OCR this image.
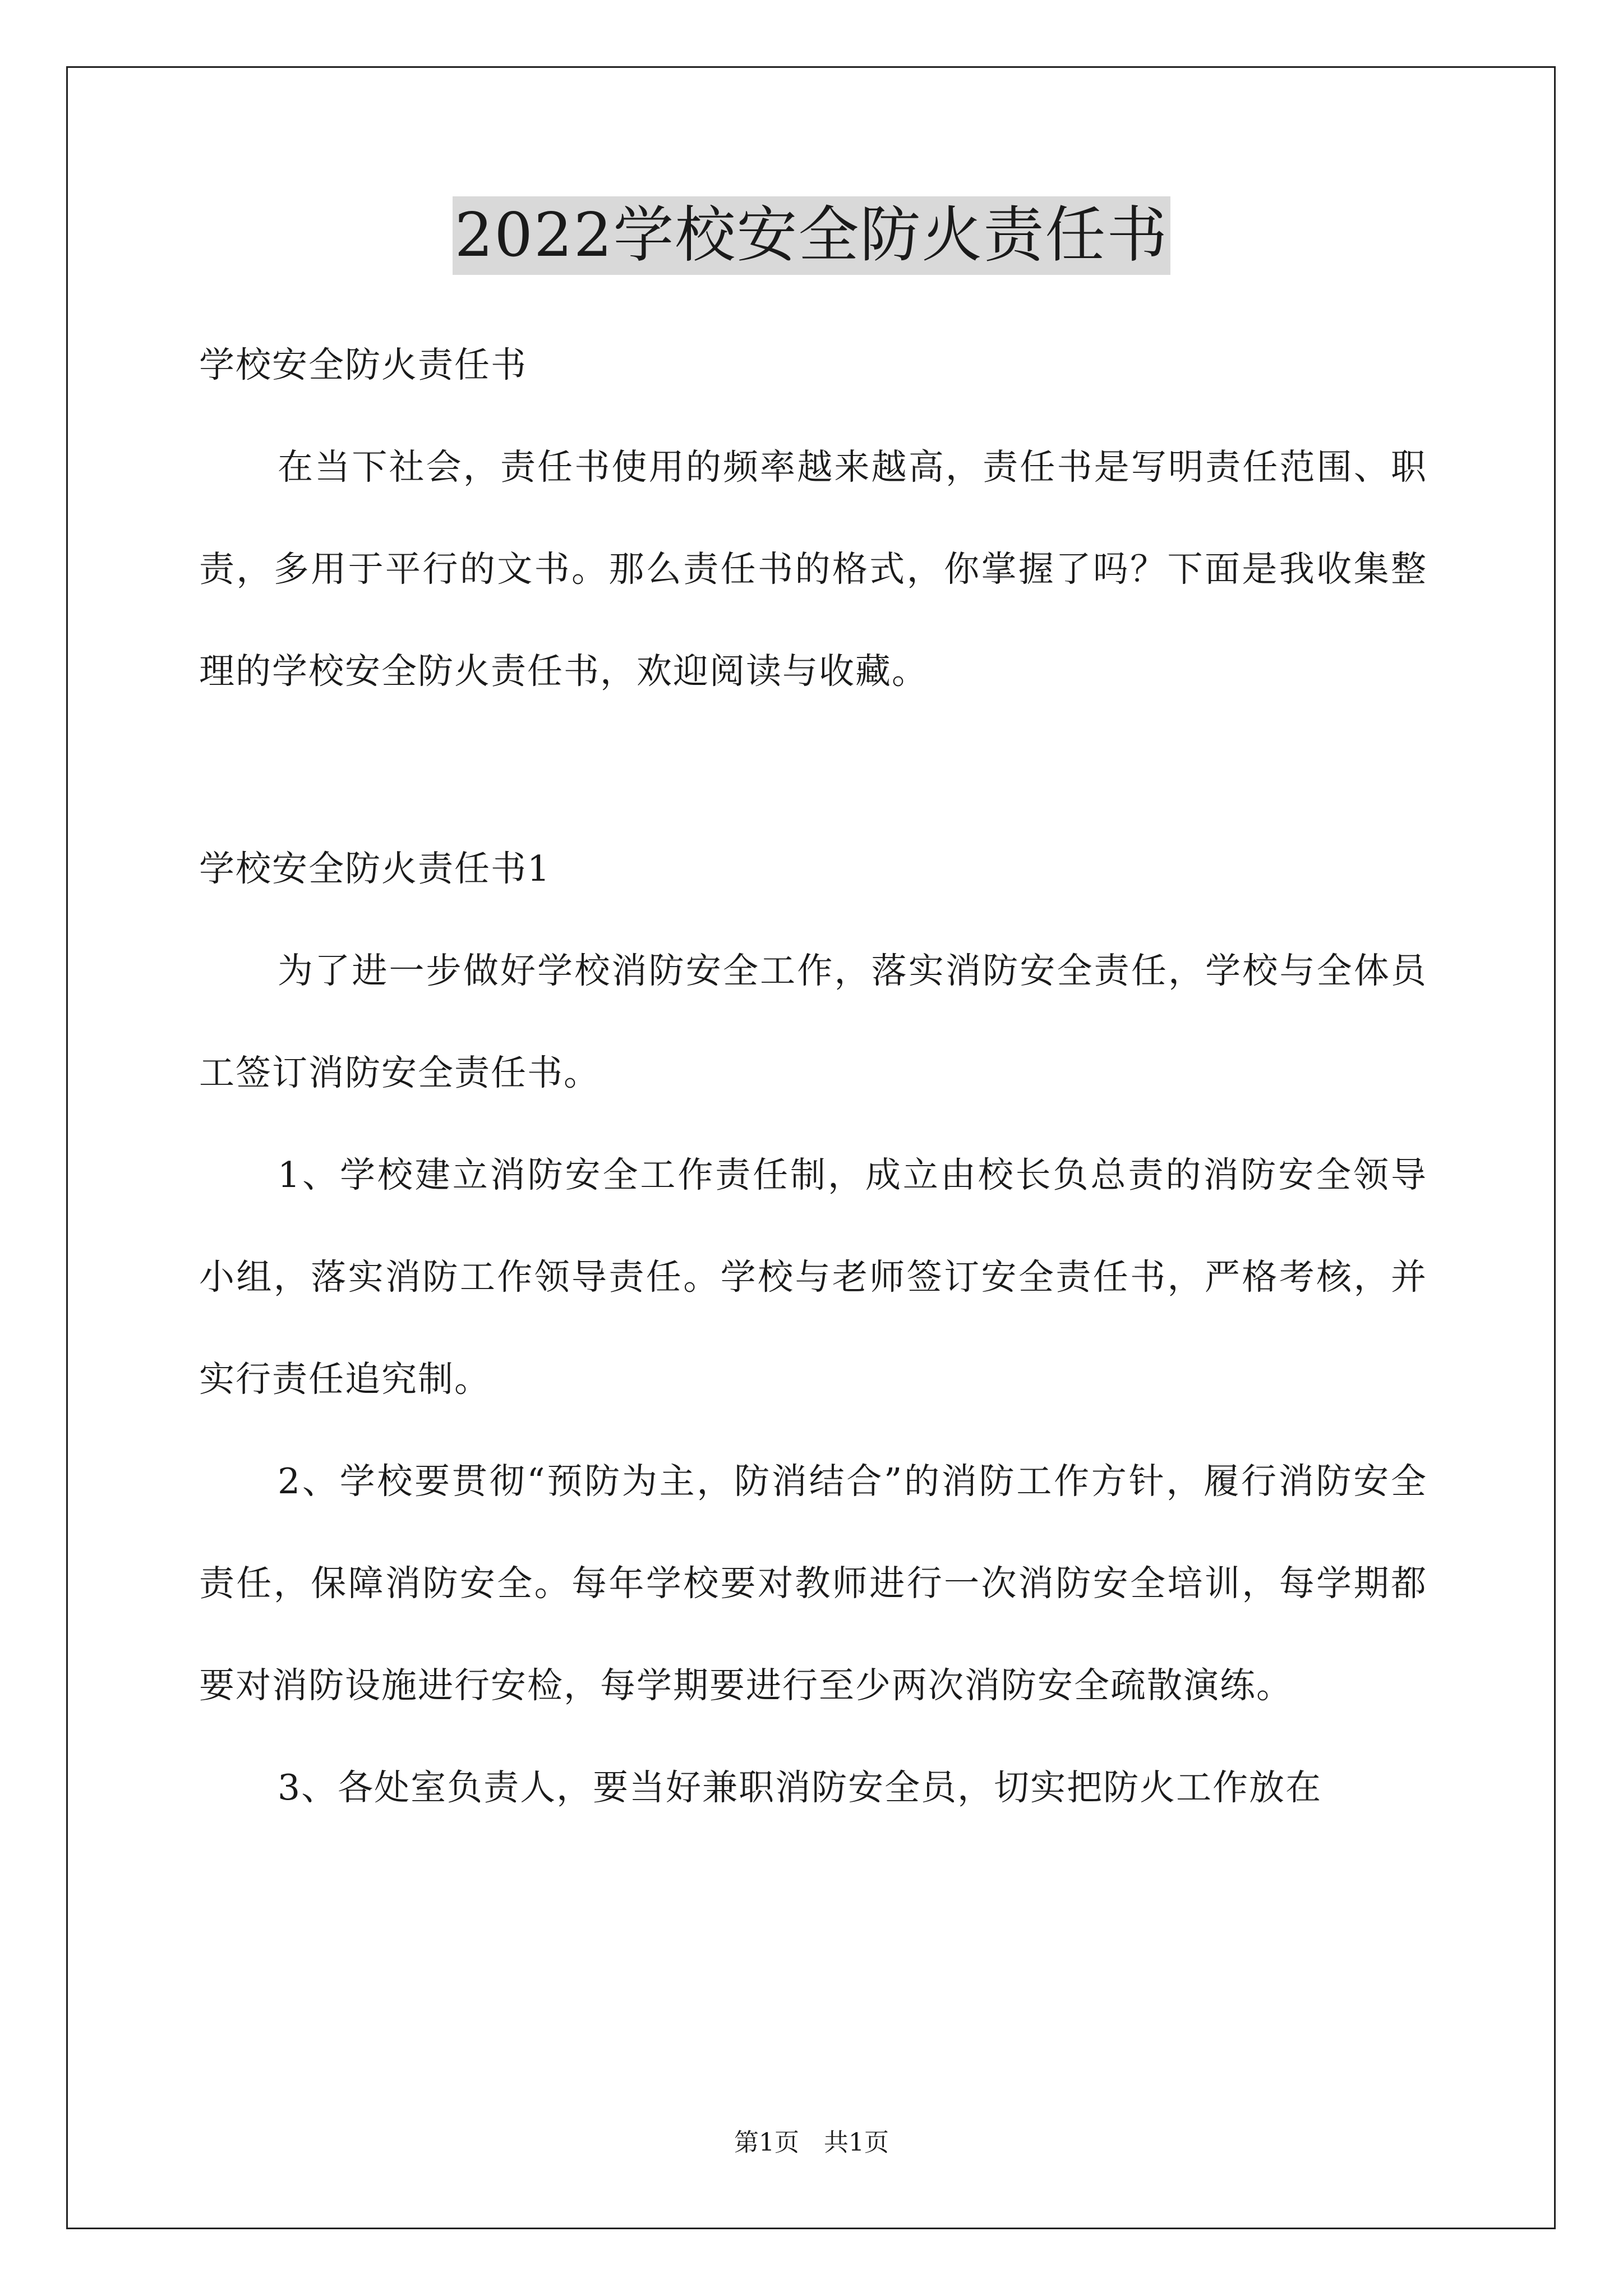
2022学校安全防火责任书

学校安全防火责任书

在当下社会，责任书使用的频率越来越高，责任书是写明责任范围、职责，多用于平行的文书。那么责任书的格式，你掌握了吗？下面是我收集整理的学校安全防火责任书，欢迎阅读与收藏。

学校安全防火责任书1

为了进一步做好学校消防安全工作，落实消防安全责任，学校与全体员工签订消防安全责任书。

1、学校建立消防安全工作责任制，成立由校长负总责的消防安全领导小组，落实消防工作领导责任。学校与老师签订安全责任书，严格考核，并实行责任追究制。

2、学校要贯彻“预防为主，防消结合”的消防工作方针，履行消防安全责任，保障消防安全。每年学校要对教师进行一次消防安全培训，每学期都要对消防设施进行安检，每学期要进行至少两次消防安全疏散演练。

3、各处室负责人，要当好兼职消防安全员，切实把防火工作放在

第1页　共1页
